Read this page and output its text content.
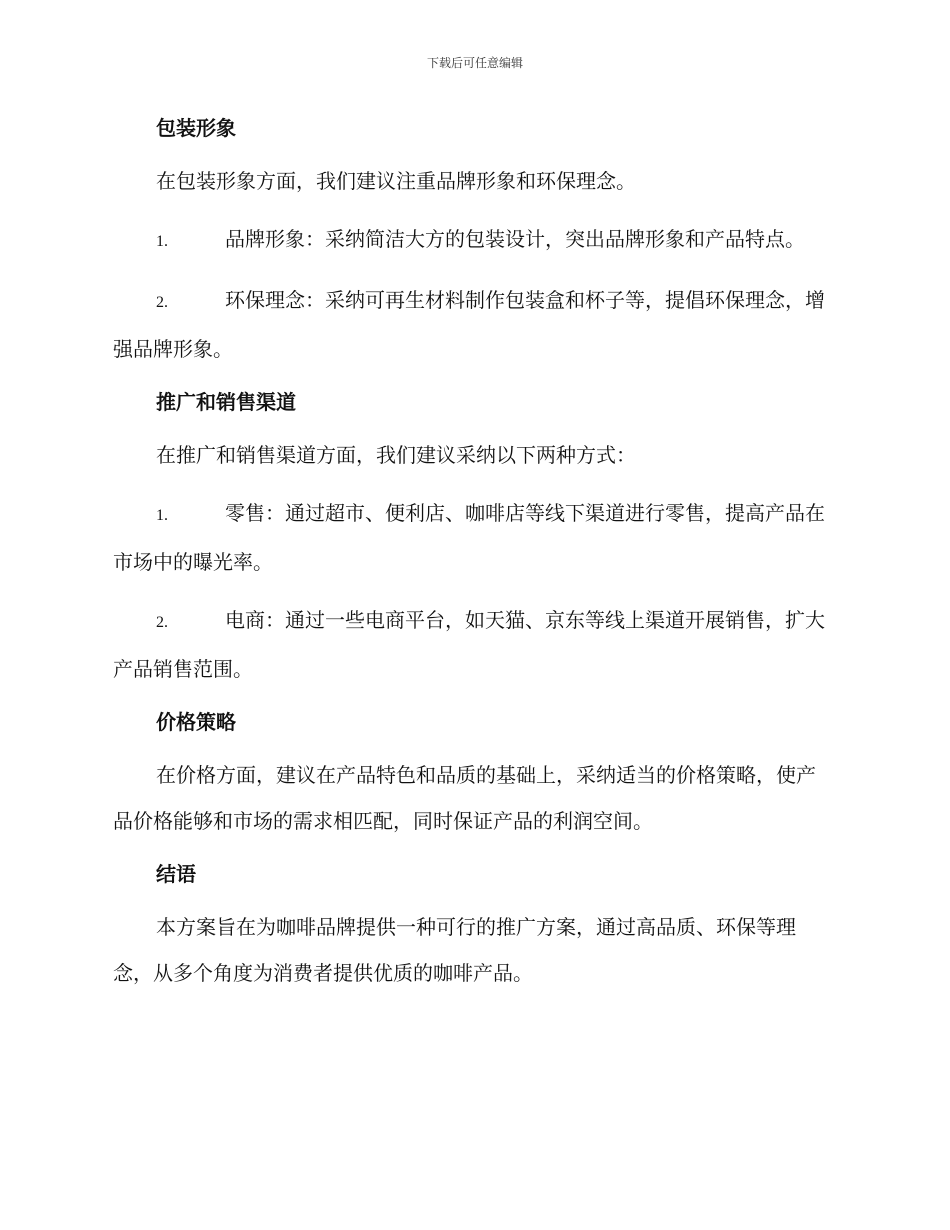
下载后可任意编辑
包装形象

在包装形象方面，我们建议注重品牌形象和环保理念。

1.	品牌形象：采纳简洁大方的包装设计，突出品牌形象和产品特点。

2.	环保理念：采纳可再生材料制作包装盒和杯子等，提倡环保理念，增强品牌形象。

推广和销售渠道

在推广和销售渠道方面，我们建议采纳以下两种方式：

1.	零售：通过超市、便利店、咖啡店等线下渠道进行零售，提高产品在市场中的曝光率。

2.	电商：通过一些电商平台，如天猫、京东等线上渠道开展销售，扩大产品销售范围。

价格策略

在价格方面，建议在产品特色和品质的基础上，采纳适当的价格策略，使产品价格能够和市场的需求相匹配，同时保证产品的利润空间。

结语

本方案旨在为咖啡品牌提供一种可行的推广方案，通过高品质、环保等理念，从多个角度为消费者提供优质的咖啡产品。
